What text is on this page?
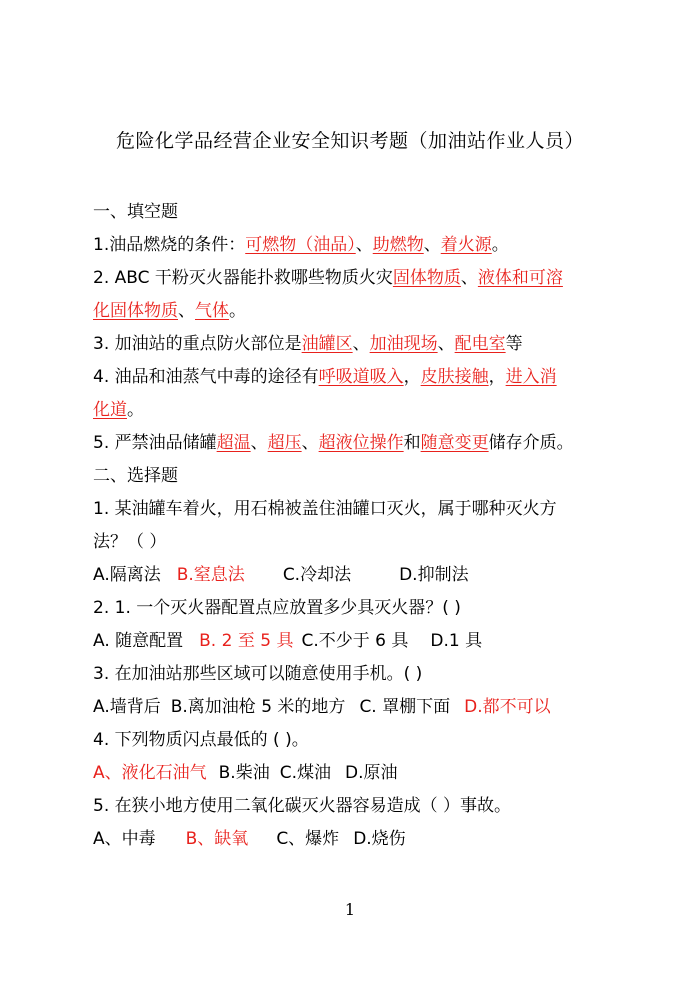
危险化学品经营企业安全知识考题（加油站作业人员）
一、填空题
1.油品燃烧的条件：可燃物（油品）、助燃物、着火源。
2. ABC 干粉灭火器能扑救哪些物质火灾固体物质、液体和可溶
化固体物质、气体。
3. 加油站的重点防火部位是油罐区、加油现场、配电室等
4. 油品和油蒸气中毒的途径有呼吸道吸入，皮肤接触，进入消
化道。
5. 严禁油品储罐超温、超压、超液位操作和随意变更储存介质。
二、选择题
1. 某油罐车着火，用石棉被盖住油罐口灭火，属于哪种灭火方
法？（ ）
A.隔离法 B.窒息法 C.冷却法	D.抑制法
2. 1. 一个灭火器配置点应放置多少具灭火器？( )
A. 随意配置 B. 2 至 5 具 C.不少于 6 具 D.1 具
3. 在加油站那些区域可以随意使用手机。( )
A.墙背后 B.离加油枪 5 米的地方 C. 罩棚下面 D.都不可以
4. 下列物质闪点最低的 ( )。
A、液化石油气 B.柴油 C.煤油 D.原油
5. 在狭小地方使用二氧化碳灭火器容易造成（ ）事故。
A、中毒 B、缺氧 C、爆炸 D.烧伤
1
